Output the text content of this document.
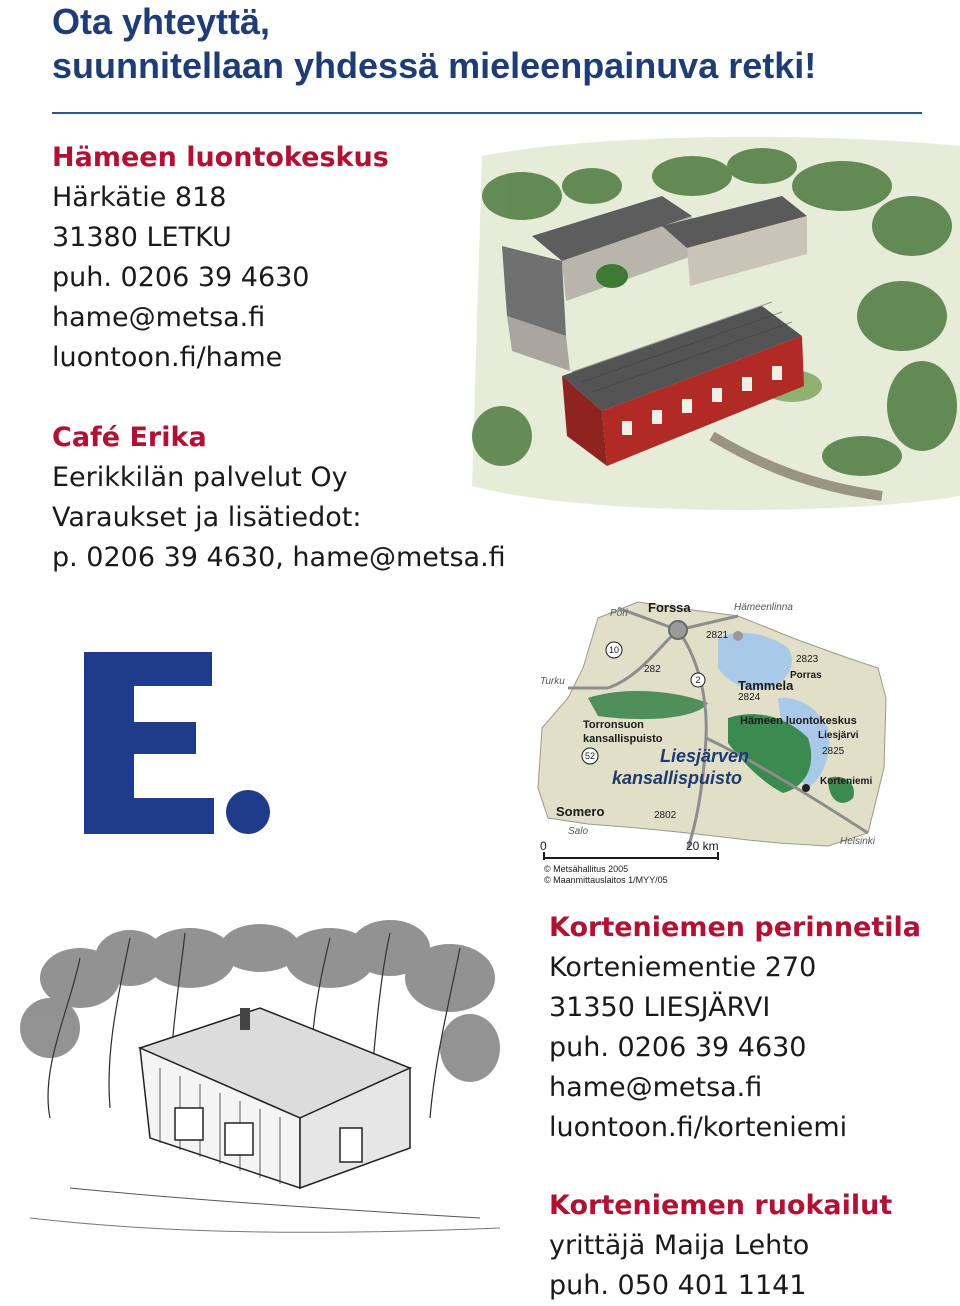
Ota yhteyttä,
suunnitellaan yhdessä mieleenpainuva retki!
Hämeen luontokeskus
Härkätie 818
31380 LETKU
puh. 0206 39 4630
hame@metsa.fi
luontoon.fi/hame
Café Erika
Eerikkilän palvelut Oy
Varaukset ja lisätiedot:
p. 0206 39 4630, hame@metsa.fi
Forssa
Tammela
Torronsuon
kansallispuisto
Hämeen luontokeskus
Liesjärvi
Korteniemi
Somero
Porras
Liesjärven
kansallispuisto
Pori
Hämeenlinna
Turku
Salo
Helsinki
2821
2823
282
2824
2825
2802
10
2
52
0	20 km
© Metsähallitus 2005
© Maanmittauslaitos 1/MYY/05
Korteniemen perinnetila
Korteniementie 270
31350 LIESJÄRVI
puh. 0206 39 4630
hame@metsa.fi
luontoon.fi/korteniemi
Korteniemen ruokailut
yrittäjä Maija Lehto
puh. 050 401 1141
